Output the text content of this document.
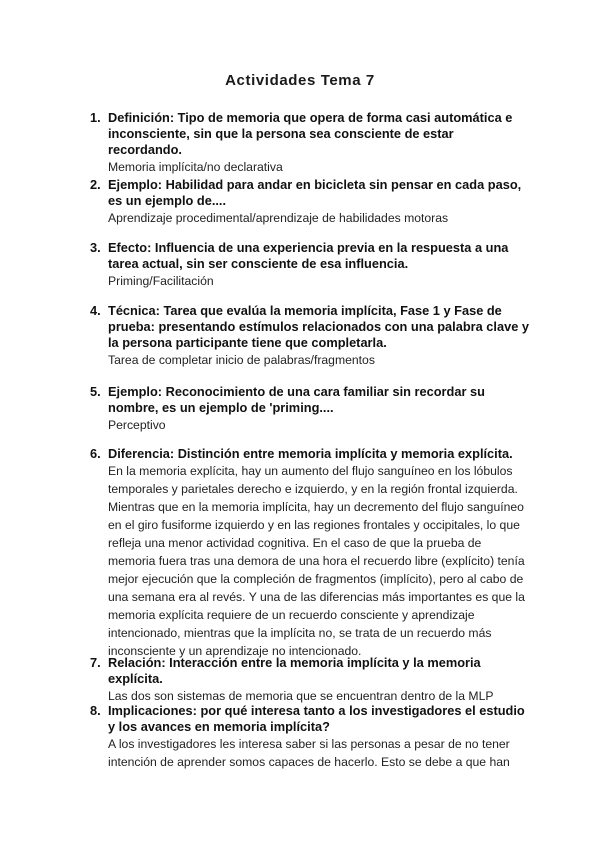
Actividades Tema 7
1. Definición: Tipo de memoria que opera de forma casi automática e inconsciente, sin que la persona sea consciente de estar recordando.
Memoria implícita/no declarativa
2. Ejemplo: Habilidad para andar en bicicleta sin pensar en cada paso, es un ejemplo de....
Aprendizaje procedimental/aprendizaje de habilidades motoras
3. Efecto: Influencia de una experiencia previa en la respuesta a una tarea actual, sin ser consciente de esa influencia.
Priming/Facilitación
4. Técnica: Tarea que evalúa la memoria implícita, Fase 1 y Fase de prueba: presentando estímulos relacionados con una palabra clave y la persona participante tiene que completarla.
Tarea de completar inicio de palabras/fragmentos
5. Ejemplo: Reconocimiento de una cara familiar sin recordar su nombre, es un ejemplo de 'priming....
Perceptivo
6. Diferencia: Distinción entre memoria implícita y memoria explícita.
En la memoria explícita, hay un aumento del flujo sanguíneo en los lóbulos temporales y parietales derecho e izquierdo, y en la región frontal izquierda. Mientras que en la memoria implícita, hay un decremento del flujo sanguíneo en el giro fusiforme izquierdo y en las regiones frontales y occipitales, lo que refleja una menor actividad cognitiva. En el caso de que la prueba de memoria fuera tras una demora de una hora el recuerdo libre (explícito) tenía mejor ejecución que la compleción de fragmentos (implícito), pero al cabo de una semana era al revés. Y una de las diferencias más importantes es que la memoria explícita requiere de un recuerdo consciente y aprendizaje intencionado, mientras que la implícita no, se trata de un recuerdo más inconsciente y un aprendizaje no intencionado.
7. Relación: Interacción entre la memoria implícita y la memoria explícita.
Las dos son sistemas de memoria que se encuentran dentro de la MLP
8. Implicaciones: por qué interesa tanto a los investigadores el estudio y los avances en memoria implícita?
A los investigadores les interesa saber si las personas a pesar de no tener intención de aprender somos capaces de hacerlo. Esto se debe a que han
